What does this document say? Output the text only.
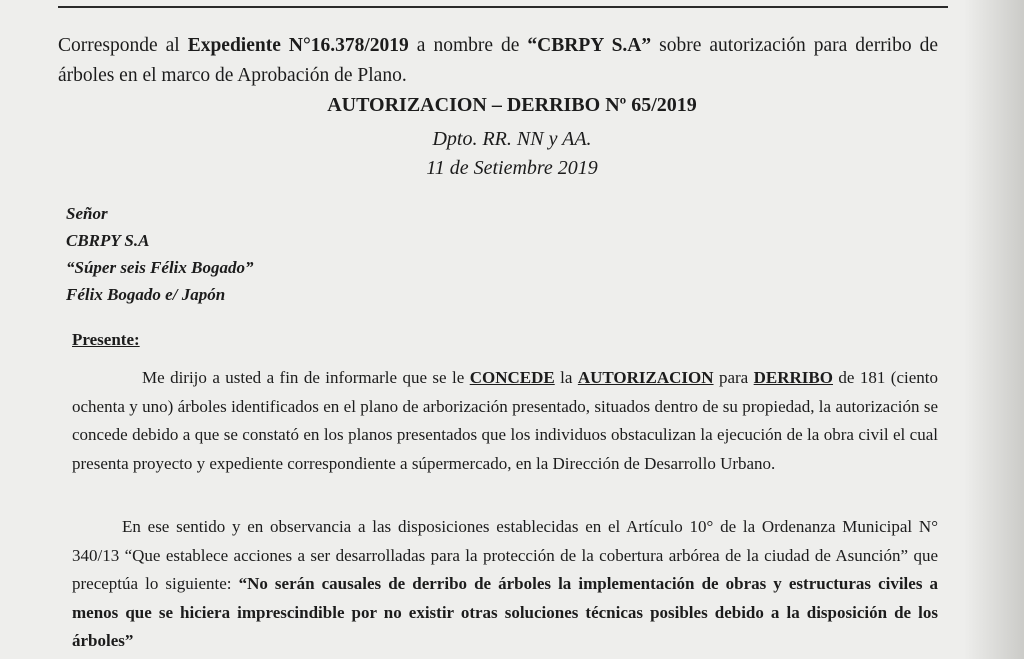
Corresponde al Expediente N°16.378/2019 a nombre de “CBRPY S.A” sobre autorización para derribo de árboles en el marco de Aprobación de Plano.
AUTORIZACION – DERRIBO Nº 65/2019
Dpto. RR. NN y AA.
11 de Setiembre 2019
Señor
CBRPY S.A
“Súper seis Félix Bogado”
Félix Bogado e/ Japón
Presente:
Me dirijo a usted a fin de informarle que se le CONCEDE la AUTORIZACION para DERRIBO de 181 (ciento ochenta y uno) árboles identificados en el plano de arborización presentado, situados dentro de su propiedad, la autorización se concede debido a que se constató en los planos presentados que los individuos obstaculizan la ejecución de la obra civil el cual presenta proyecto y expediente correspondiente a súpermercado, en la Dirección de Desarrollo Urbano.
En ese sentido y en observancia a las disposiciones establecidas en el Artículo 10° de la Ordenanza Municipal N° 340/13 “Que establece acciones a ser desarrolladas para la protección de la cobertura arbórea de la ciudad de Asunción” que preceptúa lo siguiente: “No serán causales de derribo de árboles la implementación de obras y estructuras civiles a menos que se hiciera imprescindible por no existir otras soluciones técnicas posibles debido a la disposición de los árboles”
